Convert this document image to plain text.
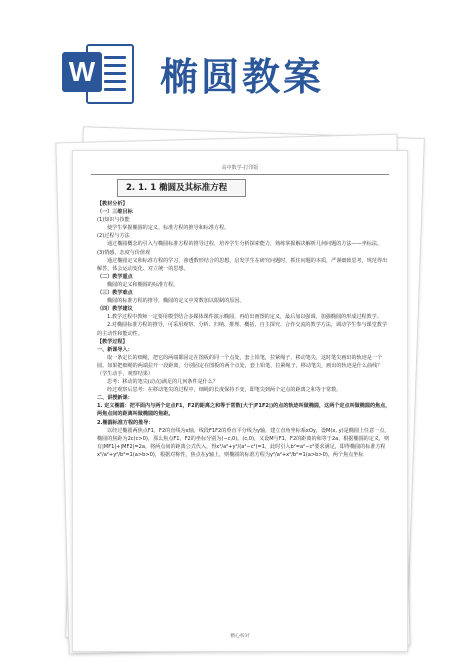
W 椭圆教案
高中数学-打印版
2. 1. 1 椭圆及其标准方程

【教材分析】

（一）三维目标

(1)知识与技能

使学生掌握椭圆的定义、标准方程的推导和标准方程。

(2)过程与方法

通过椭圆概念的引入与椭圆标准方程的推导过程，培养学生分析探索能力，熟练掌握解决解析几何问题的方法——坐标法。

(3)情感、态度与价值观

通过椭圆定义和标准方程的学习，渗透数形结合的思想，启发学生在研究问题时，抓住问题的本质，严谨细致思考，规范得出解答，体会运动变化、对立统一的思想。

（二）教学重点

椭圆的定义和椭圆的标准方程。

（三）教学难点

椭圆的标准方程的推导，椭圆的定义中常数加以限制的原因。

（四）教学建议

1.教学过程中教师一定要用模型结合多媒体课件演示椭圆，再给出画图的定义，最后加以强调，加强椭圆的形成过程教学。

2.对椭圆标准方程的推导，可采用观察、分析、归纳、推理、概括、自主探究、合作交流的教学方法，调动学生参与课堂教学的主动性和能动性。

【教学过程】

一、新课导入：

取一条定长的细绳，把它的两端都固定在图板的同一个点处，套上铅笔，拉紧绳子，移动笔尖，这时笔尖画出的轨迹是一个圆。如果把细绳的两端拉开一段距离，分别固定在图板的两个点处，套上铅笔，拉紧绳子，移动笔尖，画出的轨迹是什么曲线？（学生动手，观察结果）

思考：移动的笔尖(动点)满足的几何条件是什么？

经过观察后思考：在移动笔尖的过程中，细绳的长度保持不变，即笔尖到两个定点的距离之和等于常数。

二、讲授新课：

1. 定义椭圆：把平面内与两个定点F1，F2的距离之和等于常数(大于|F1F2|)的点的轨迹叫做椭圆，这两个定点叫做椭圆的焦点，两焦点间的距离叫做椭圆的焦距。

2.椭圆标准方程的推导：

以经过椭圆两焦点F1，F2的直线为x轴，线段F1F2的垂直平分线为y轴，建立直角坐标系xOy，设M(x, y)是椭圆上任意一点，椭圆的焦距为2c(c>0)，那么焦点F1，F2的坐标分别为(−c,0)、(c,0)，又设M与F1，F2的距离的和等于2a，根据椭圆的定义，则有|MF1|+|MF2|=2a，将两点间的距离公式代入，得x²/a²+y²/(a²−c²)=1，此时引入b²=a²−c²要求满足，即得椭圆的标准方程x²/a²+y²/b²=1(a>b>0)，根据对称性，焦点在y轴上，则椭圆的标准方程为y²/a²+x²/b²=1(a>b>0)，两个焦点坐标

精心校对
